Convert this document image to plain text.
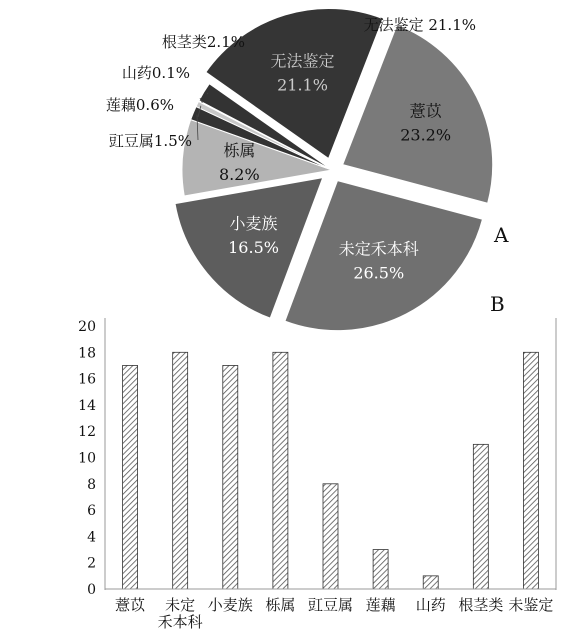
薏苡
23.2%
未定禾本科
26.5%
小麦族
16.5%
栎属
8.2%
豇豆属1.5%
莲藕0.6%
山药0.1%
根茎类2.1%
无法鉴定
21.1%
无法鉴定 21.1%
A
B
0
2
4
6
8
10
12
14
16
18
20
薏苡 未定
禾本科
小麦族 栎属 豇豆属 莲藕 山药 根茎类 未鉴定
